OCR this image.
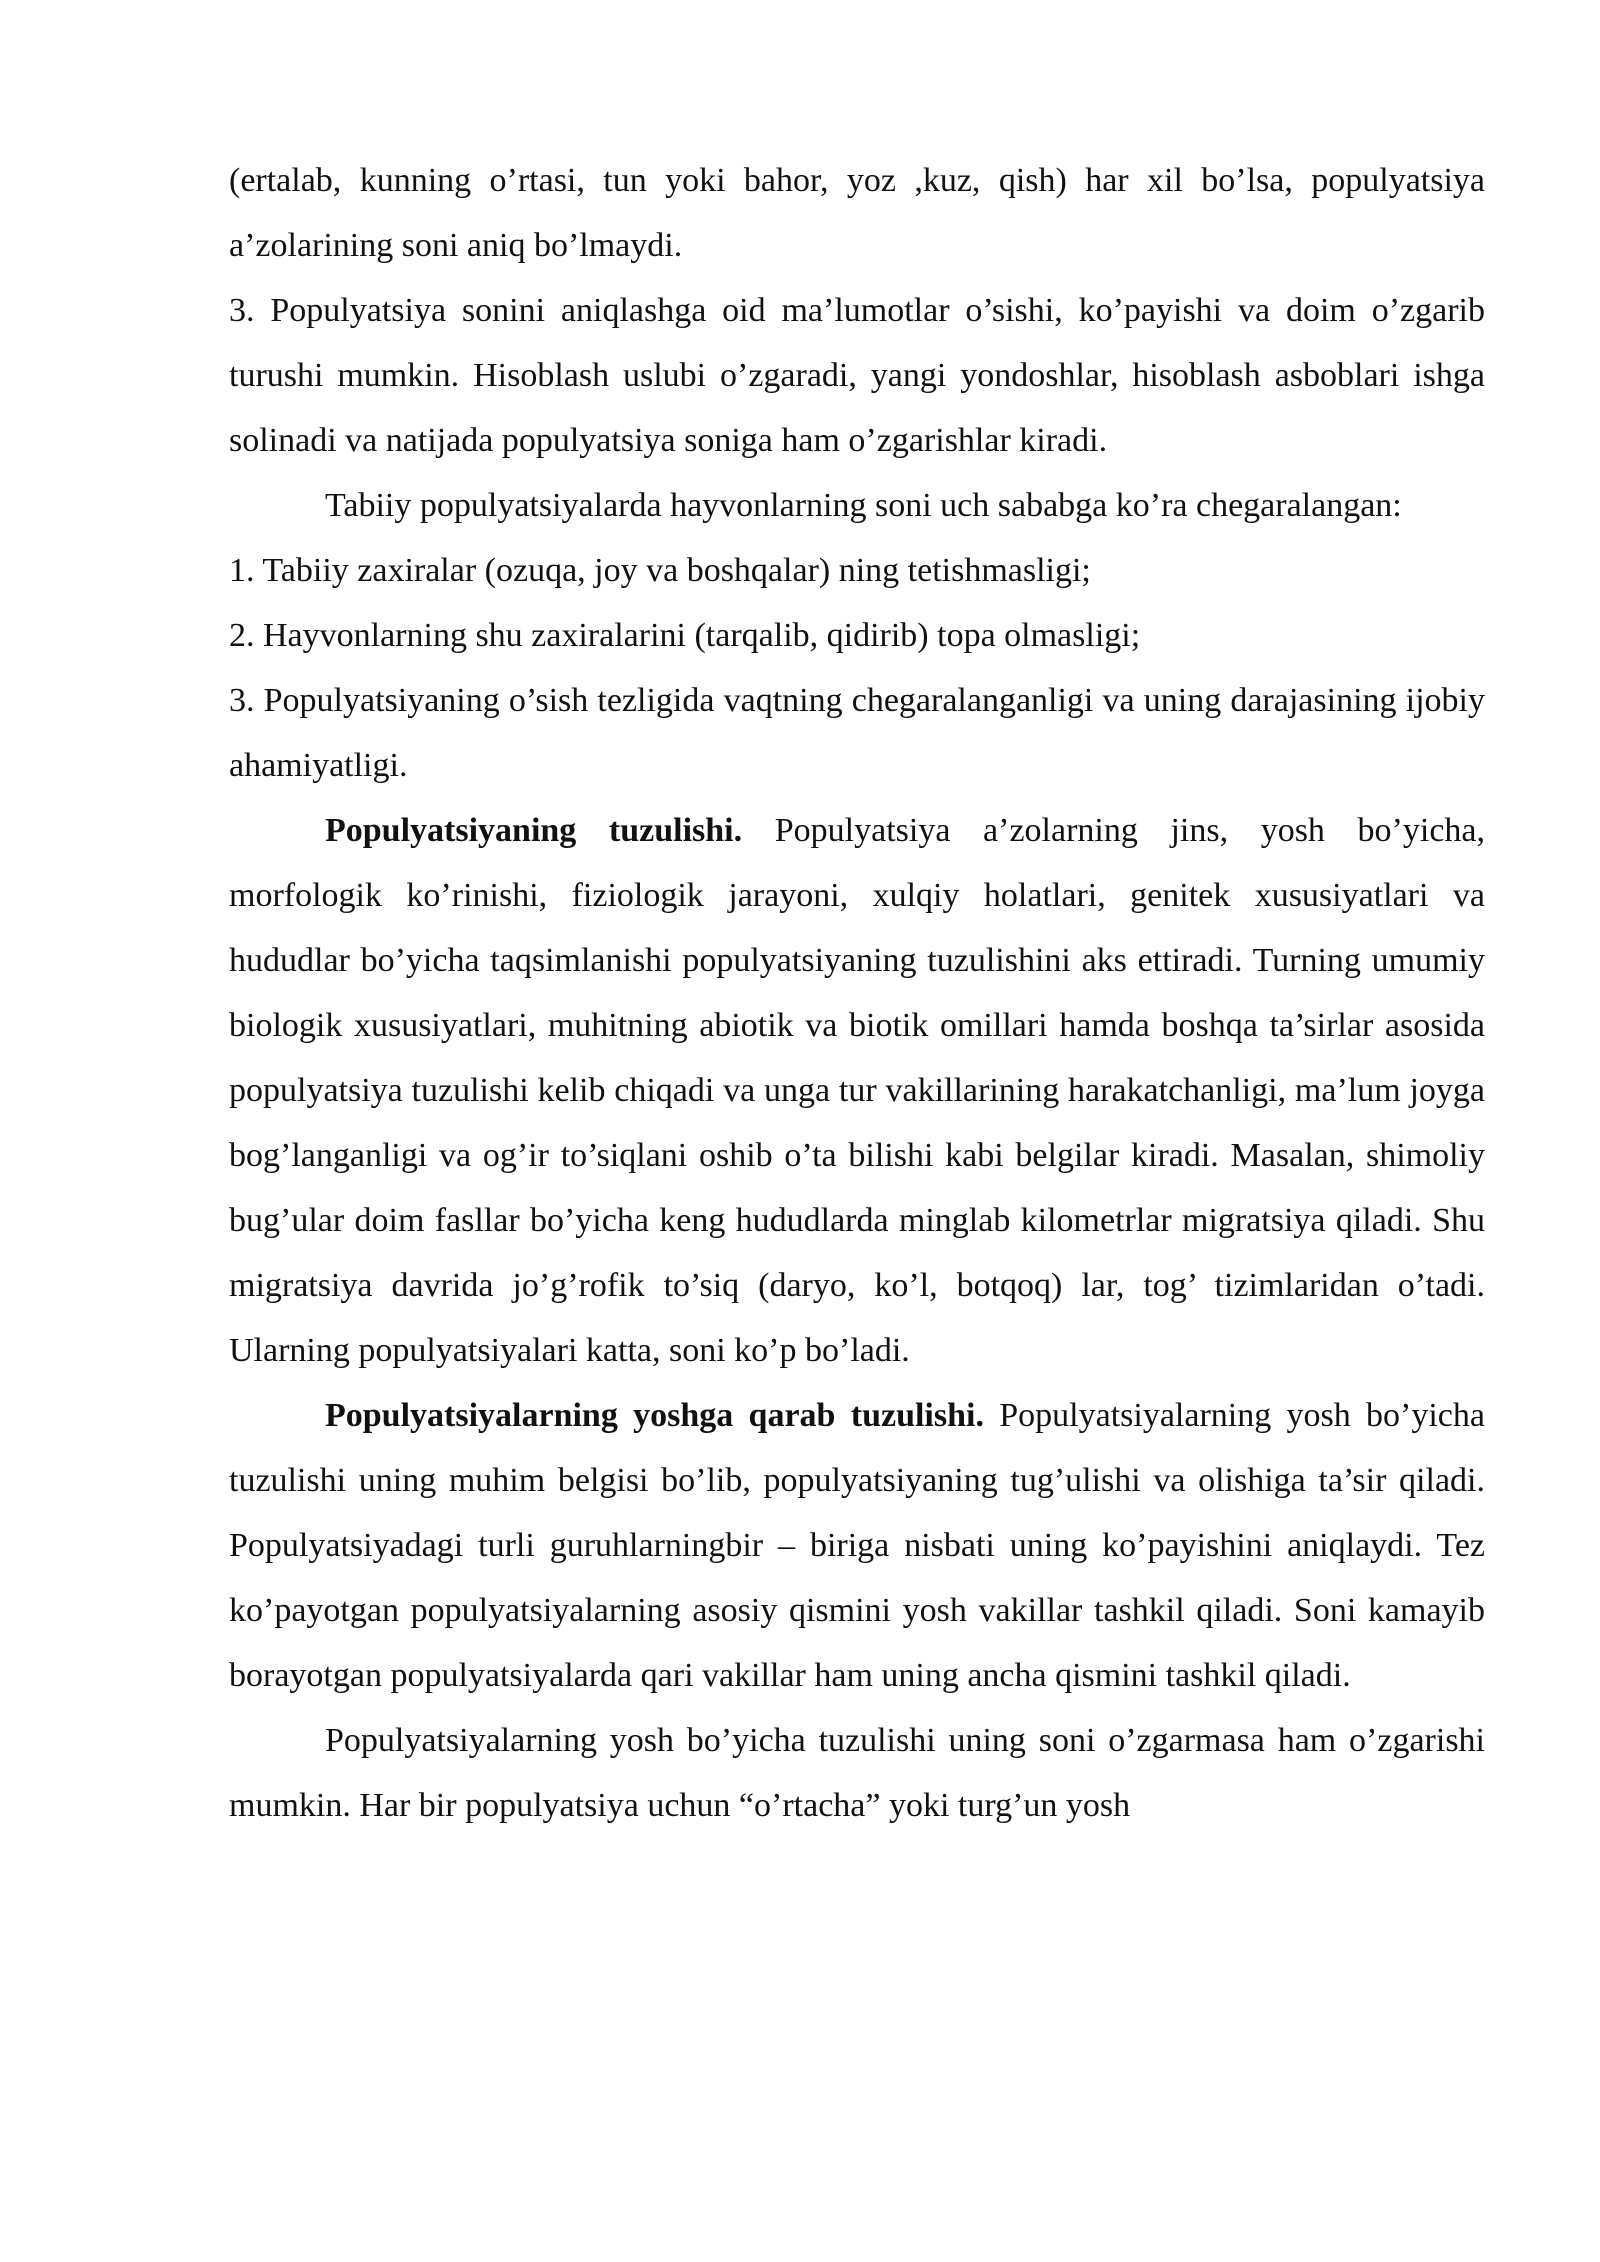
(ertalab, kunning o’rtasi, tun yoki bahor, yoz ,kuz, qish) har xil bo’lsa, populyatsiya a’zolarining soni aniq bo’lmaydi.

3. Populyatsiya sonini aniqlashga oid ma’lumotlar o’sishi, ko’payishi va doim o’zgarib turushi mumkin. Hisoblash uslubi o’zgaradi, yangi yondoshlar, hisoblash asboblari ishga solinadi va natijada populyatsiya soniga ham o’zgarishlar kiradi.

Tabiiy populyatsiyalarda hayvonlarning soni uch sababga ko’ra chegaralangan:

1. Tabiiy zaxiralar (ozuqa, joy va boshqalar) ning tetishmasligi;

2. Hayvonlarning shu zaxiralarini (tarqalib, qidirib) topa olmasligi;

3. Populyatsiyaning o’sish tezligida vaqtning chegaralanganligi va uning darajasining ijobiy ahamiyatligi.

Populyatsiyaning tuzulishi. Populyatsiya a’zolarning jins, yosh bo’yicha, morfologik ko’rinishi, fiziologik jarayoni, xulqiy holatlari, genitek xususiyatlari va hududlar bo’yicha taqsimlanishi populyatsiyaning tuzulishini aks ettiradi. Turning umumiy biologik xususiyatlari, muhitning abiotik va biotik omillari hamda boshqa ta’sirlar asosida populyatsiya tuzulishi kelib chiqadi va unga tur vakillarining harakatchanligi, ma’lum joyga bog’langanligi va og’ir to’siqlani oshib o’ta bilishi kabi belgilar kiradi. Masalan, shimoliy bug’ular doim fasllar bo’yicha keng hududlarda minglab kilometrlar migratsiya qiladi. Shu migratsiya davrida jo’g’rofik to’siq (daryo, ko’l, botqoq) lar, tog’ tizimlaridan o’tadi. Ularning populyatsiyalari katta, soni ko’p bo’ladi.

Populyatsiyalarning yoshga qarab tuzulishi. Populyatsiyalarning yosh bo’yicha tuzulishi uning muhim belgisi bo’lib, populyatsiyaning tug’ulishi va olishiga ta’sir qiladi. Populyatsiyadagi turli guruhlarningbir – biriga nisbati uning ko’payishini aniqlaydi. Tez ko’payotgan populyatsiyalarning asosiy qismini yosh vakillar tashkil qiladi. Soni kamayib borayotgan populyatsiyalarda qari vakillar ham uning ancha qismini tashkil qiladi.

Populyatsiyalarning yosh bo’yicha tuzulishi uning soni o’zgarmasa ham o’zgarishi mumkin. Har bir populyatsiya uchun “o’rtacha” yoki turg’un yosh
